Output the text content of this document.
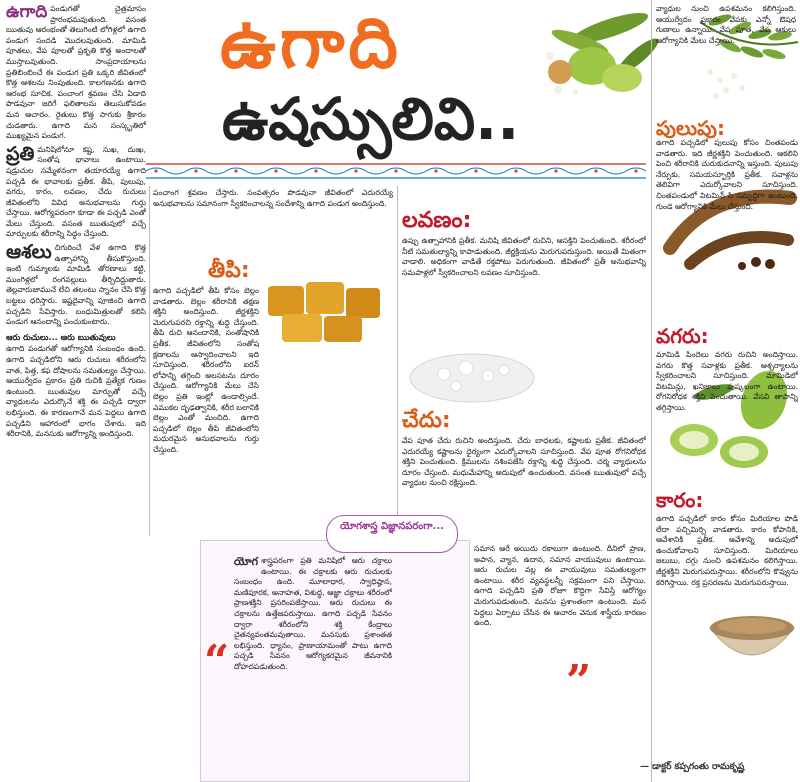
ఉగాది
ఉషస్సులివి..

ఉగాది పండుగతో చైత్రమాసం ప్రారంభమవుతుంది. వసంత ఋతువు ఆరంభంతో తెలుగింటి లోగిళ్లలో ఉగాది పండుగ సందడి మొదలవుతుంది. మామిడి పూతలు, వేప పూలతో ప్రకృతి కొత్త అందాలతో ముస్తాబవుతుంది. సాంప్రదాయాలను ప్రతిబింబించే ఈ పండుగ ప్రతి ఒక్కరి జీవితంలో కొత్త ఆశలను నింపుతుంది. కాలగణనకు ఉగాది ఆరంభ సూచిక. పంచాంగ శ్రవణం చేసి ఏడాది పొడవునా జరిగే ఫలితాలను తెలుసుకోవడం మన ఆచారం. రైతులు కొత్త సాగుకు శ్రీకారం చుడతారు. ఉగాది మన సంస్కృతిలో ముఖ్యమైన పండుగ.

ప్రతి మనిషిలోనూ కష్ట, సుఖ, దుఃఖ, సంతోష భావాలు ఉంటాయి. షడ్రుచుల సమ్మేళనంగా తయారయ్యే ఉగాది పచ్చడి ఈ భావాలకు ప్రతీక. తీపి, పులుపు, వగరు, కారం, లవణం, చేదు రుచులు జీవితంలోని వివిధ అనుభవాలను గుర్తు చేస్తాయి. ఆరోగ్యపరంగా కూడా ఈ పచ్చడి ఎంతో మేలు చేస్తుంది. వసంత ఋతువులో వచ్చే మార్పులకు శరీరాన్ని సిద్ధం చేస్తుంది.

ఆశలు చిగురించే వేళ ఉగాది కొత్త ఉత్సాహాన్ని తీసుకొస్తుంది. ఇంటి గుమ్మాలకు మామిడి తోరణాలు కట్టి, ముంగిళ్లలో రంగవల్లులు తీర్చిదిద్దుతారు. తెల్లవారుజామునే లేచి తలంటు స్నానం చేసి కొత్త బట్టలు ధరిస్తారు. ఇష్టదైవాన్ని పూజించి ఉగాది పచ్చడిని సేవిస్తారు. బంధుమిత్రులతో కలిసి పండుగ ఆనందాన్ని పంచుకుంటారు.

ఆరు రుచులు... ఆరు ఋతువులు

ఉగాది పండుగతో ఆరోగ్యానికి సంబంధం ఉంది. ఉగాది పచ్చడిలోని ఆరు రుచులు శరీరంలోని వాత, పిత్త, కఫ దోషాలను సమతుల్యం చేస్తాయి. ఆయుర్వేదం ప్రకారం ప్రతి రుచికి ప్రత్యేక గుణం ఉంటుంది. ఋతువుల మార్పుతో వచ్చే వ్యాధులను ఎదుర్కొనే శక్తి ఈ పచ్చడి ద్వారా లభిస్తుంది. ఈ కారణంగానే మన పెద్దలు ఉగాది పచ్చడిని ఆహారంలో భాగం చేశారు. ఇది శరీరానికి, మనసుకు ఆరోగ్యాన్ని అందిస్తుంది.

పంచాంగ శ్రవణం చేస్తారు. సంవత్సరం పొడవునా జీవితంలో ఎదురయ్యే అనుభవాలను సమానంగా స్వీకరించాలన్న సందేశాన్ని ఉగాది పండుగ అందిస్తుంది.

తీపి:

ఉగాది పచ్చడిలో తీపి కోసం బెల్లం వాడతారు. బెల్లం శరీరానికి తక్షణ శక్తిని అందిస్తుంది. జీర్ణశక్తిని మెరుగుపరచి రక్తాన్ని శుద్ధి చేస్తుంది. తీపి రుచి ఆనందానికి, సంతోషానికి ప్రతీక. జీవితంలోని సంతోష క్షణాలను ఆస్వాదించాలని ఇది సూచిస్తుంది. శరీరంలోని ఐరన్ లోపాన్ని తగ్గించి అలసటను దూరం చేస్తుంది. ఆరోగ్యానికి మేలు చేసే బెల్లం ప్రతి ఇంట్లో ఉండాల్సిందే. ఎముకల దృఢత్వానికి, శరీర బలానికి బెల్లం ఎంతో మంచిది. ఉగాది పచ్చడిలో బెల్లం తీపి జీవితంలోని మధురమైన అనుభవాలను గుర్తు చేస్తుంది.

లవణం:

ఉప్పు ఉత్సాహానికి ప్రతీక. మనిషి జీవితంలో రుచిని, ఆసక్తిని పెంచుతుంది. శరీరంలో నీటి సమతుల్యాన్ని కాపాడుతుంది. జీర్ణక్రియను మెరుగుపరుస్తుంది. అయితే మితంగా వాడాలి. అధికంగా వాడితే రక్తపోటు పెరుగుతుంది. జీవితంలో ప్రతీ అనుభవాన్ని సమపాళ్లలో స్వీకరించాలని లవణం సూచిస్తుంది.

చేదు:

వేప పూత చేదు రుచిని అందిస్తుంది. చేదు బాధలకు, కష్టాలకు ప్రతీక. జీవితంలో ఎదురయ్యే కష్టాలను ధైర్యంగా ఎదుర్కోవాలని సూచిస్తుంది. వేప పూత రోగనిరోధక శక్తిని పెంచుతుంది. క్రిములను నశింపజేసి రక్తాన్ని శుద్ధి చేస్తుంది. చర్మ వ్యాధులను దూరం చేస్తుంది. మధుమేహాన్ని అదుపులో ఉంచుతుంది. వసంత ఋతువులో వచ్చే వ్యాధుల నుంచి రక్షిస్తుంది.

వ్యాధుల నుంచి ఉపశమనం కలిగిస్తుంది. ఆయుర్వేదం ప్రకారం వేపకు ఎన్నో ఔషధ గుణాలు ఉన్నాయి. వేప పూత, వేప ఆకులు ఆరోగ్యానికి మేలు చేస్తాయి.

పులుపు:

ఉగాది పచ్చడిలో పులుపు కోసం చింతపండు వాడతారు. ఇది జీర్ణశక్తిని పెంచుతుంది. ఆకలిని పెంచి శరీరానికి చురుకుదనాన్ని ఇస్తుంది. పులుపు నేర్పుకు, సమయస్ఫూర్తికి ప్రతీక. సవాళ్లను తెలివిగా ఎదుర్కోవాలని సూచిస్తుంది. చింతపండులో విటమిన్ సి సమృద్ధిగా ఉంటుంది. గుండె ఆరోగ్యానికి మేలు చేస్తుంది.

వగరు:

మామిడి పిందెలు వగరు రుచిని అందిస్తాయి. వగరు కొత్త సవాళ్లకు ప్రతీక. ఆశ్చర్యాలను స్వీకరించాలని సూచిస్తుంది. మామిడిలో విటమిన్లు, ఖనిజాలు పుష్కలంగా ఉంటాయి. రోగనిరోధక శక్తిని పెంచుతాయి. వేసవి తాపాన్ని తగ్గిస్తాయి.

కారం:

ఉగాది పచ్చడిలో కారం కోసం మిరియాల పొడి లేదా పచ్చిమిర్చి వాడతారు. కారం కోపానికి, ఆవేశానికి ప్రతీక. ఆవేశాన్ని అదుపులో ఉంచుకోవాలని సూచిస్తుంది. మిరియాలు జలుబు, దగ్గు నుంచి ఉపశమనం కలిగిస్తాయి. జీర్ణశక్తిని మెరుగుపరుస్తాయి. శరీరంలోని కొవ్వును కరిగిస్తాయి. రక్త ప్రసరణను మెరుగుపరుస్తాయి.

యోగశాస్త్ర విజ్ఞానపరంగా...
“	”

యోగ శాస్త్రపరంగా ప్రతి మనిషిలో ఆరు చక్రాలు ఉంటాయి. ఈ చక్రాలకు ఆరు రుచులకు సంబంధం ఉంది. మూలాధార, స్వాధిష్ఠాన, మణిపూరక, అనాహత, విశుద్ధ, ఆజ్ఞా చక్రాలు శరీరంలో ప్రాణశక్తిని ప్రసరింపజేస్తాయి. ఆరు రుచులు ఈ చక్రాలను ఉత్తేజపరుస్తాయి. ఉగాది పచ్చడి సేవనం ద్వారా శరీరంలోని శక్తి కేంద్రాలు చైతన్యవంతమవుతాయి. మనసుకు ప్రశాంతత లభిస్తుంది. ధ్యానం, ప్రాణాయామంతో పాటు ఉగాది పచ్చడి సేవనం ఆరోగ్యకరమైన జీవనానికి దోహదపడుతుంది.

సమాన ఆరే అయిదు రకాలుగా ఉంటుంది. దీనిలో ప్రాణ, అపాన, వ్యాన, ఉదాన, సమాన వాయువులు ఉంటాయి. ఆరు రుచుల వల్ల ఈ వాయువులు సమతుల్యంగా ఉంటాయి. శరీర వ్యవస్థలన్నీ సక్రమంగా పని చేస్తాయి. ఉగాది పచ్చడిని ప్రతి రోజూ కొద్దిగా సేవిస్తే ఆరోగ్యం మెరుగుపడుతుంది. మనసు ప్రశాంతంగా ఉంటుంది. మన పెద్దలు ఏర్పాటు చేసిన ఈ ఆచారం వెనుక శాస్త్రీయ కారణం ఉంది.

— డాక్టర్ కప్పగంతు రామకృష్ణ
